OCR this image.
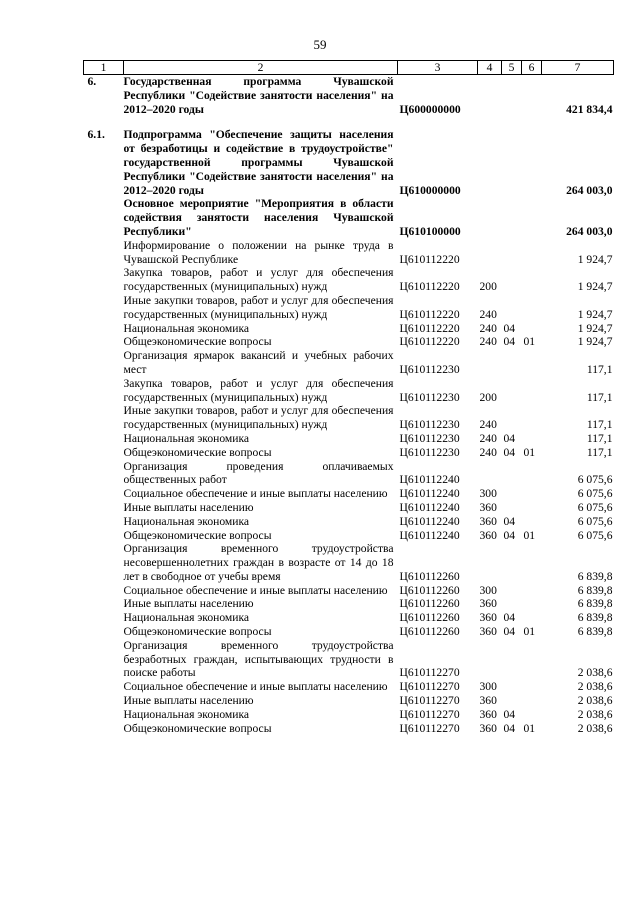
59
1	2	3	4	5	6	7
6.	Государственная программа Чувашской Республики "Содействие занятости населения" на 2012–2020 годы	Ц600000000				421 834,4

6.1.	Подпрограмма "Обеспечение защиты населения от безработицы и содействие в трудоустройстве" государственной программы Чувашской Республики "Содействие занятости населения" на 2012–2020 годы	Ц610000000				264 003,0
	Основное мероприятие "Мероприятия в области содействия занятости населения Чувашской Республики"	Ц610100000				264 003,0
	Информирование о положении на рынке труда в Чувашской Республике	Ц610112220				1 924,7
	Закупка товаров, работ и услуг для обеспечения государственных (муниципальных) нужд	Ц610112220	200			1 924,7
	Иные закупки товаров, работ и услуг для обеспечения государственных (муниципальных) нужд	Ц610112220	240			1 924,7
	Национальная экономика	Ц610112220	240	04		1 924,7
	Общеэкономические вопросы	Ц610112220	240	04	01	1 924,7
	Организация ярмарок вакансий и учебных рабочих мест	Ц610112230				117,1
	Закупка товаров, работ и услуг для обеспечения государственных (муниципальных) нужд	Ц610112230	200			117,1
	Иные закупки товаров, работ и услуг для обеспечения государственных (муниципальных) нужд	Ц610112230	240			117,1
	Национальная экономика	Ц610112230	240	04		117,1
	Общеэкономические вопросы	Ц610112230	240	04	01	117,1
	Организация проведения оплачиваемых общественных работ	Ц610112240				6 075,6
	Социальное обеспечение и иные выплаты населению	Ц610112240	300			6 075,6
	Иные выплаты населению	Ц610112240	360			6 075,6
	Национальная экономика	Ц610112240	360	04		6 075,6
	Общеэкономические вопросы	Ц610112240	360	04	01	6 075,6
	Организация временного трудоустройства несовершеннолетних граждан в возрасте от 14 до 18 лет в свободное от учебы время	Ц610112260				6 839,8
	Социальное обеспечение и иные выплаты населению	Ц610112260	300			6 839,8
	Иные выплаты населению	Ц610112260	360			6 839,8
	Национальная экономика	Ц610112260	360	04		6 839,8
	Общеэкономические вопросы	Ц610112260	360	04	01	6 839,8
	Организация временного трудоустройства безработных граждан, испытывающих трудности в поиске работы	Ц610112270				2 038,6
	Социальное обеспечение и иные выплаты населению	Ц610112270	300			2 038,6
	Иные выплаты населению	Ц610112270	360			2 038,6
	Национальная экономика	Ц610112270	360	04		2 038,6
	Общеэкономические вопросы	Ц610112270	360	04	01	2 038,6
